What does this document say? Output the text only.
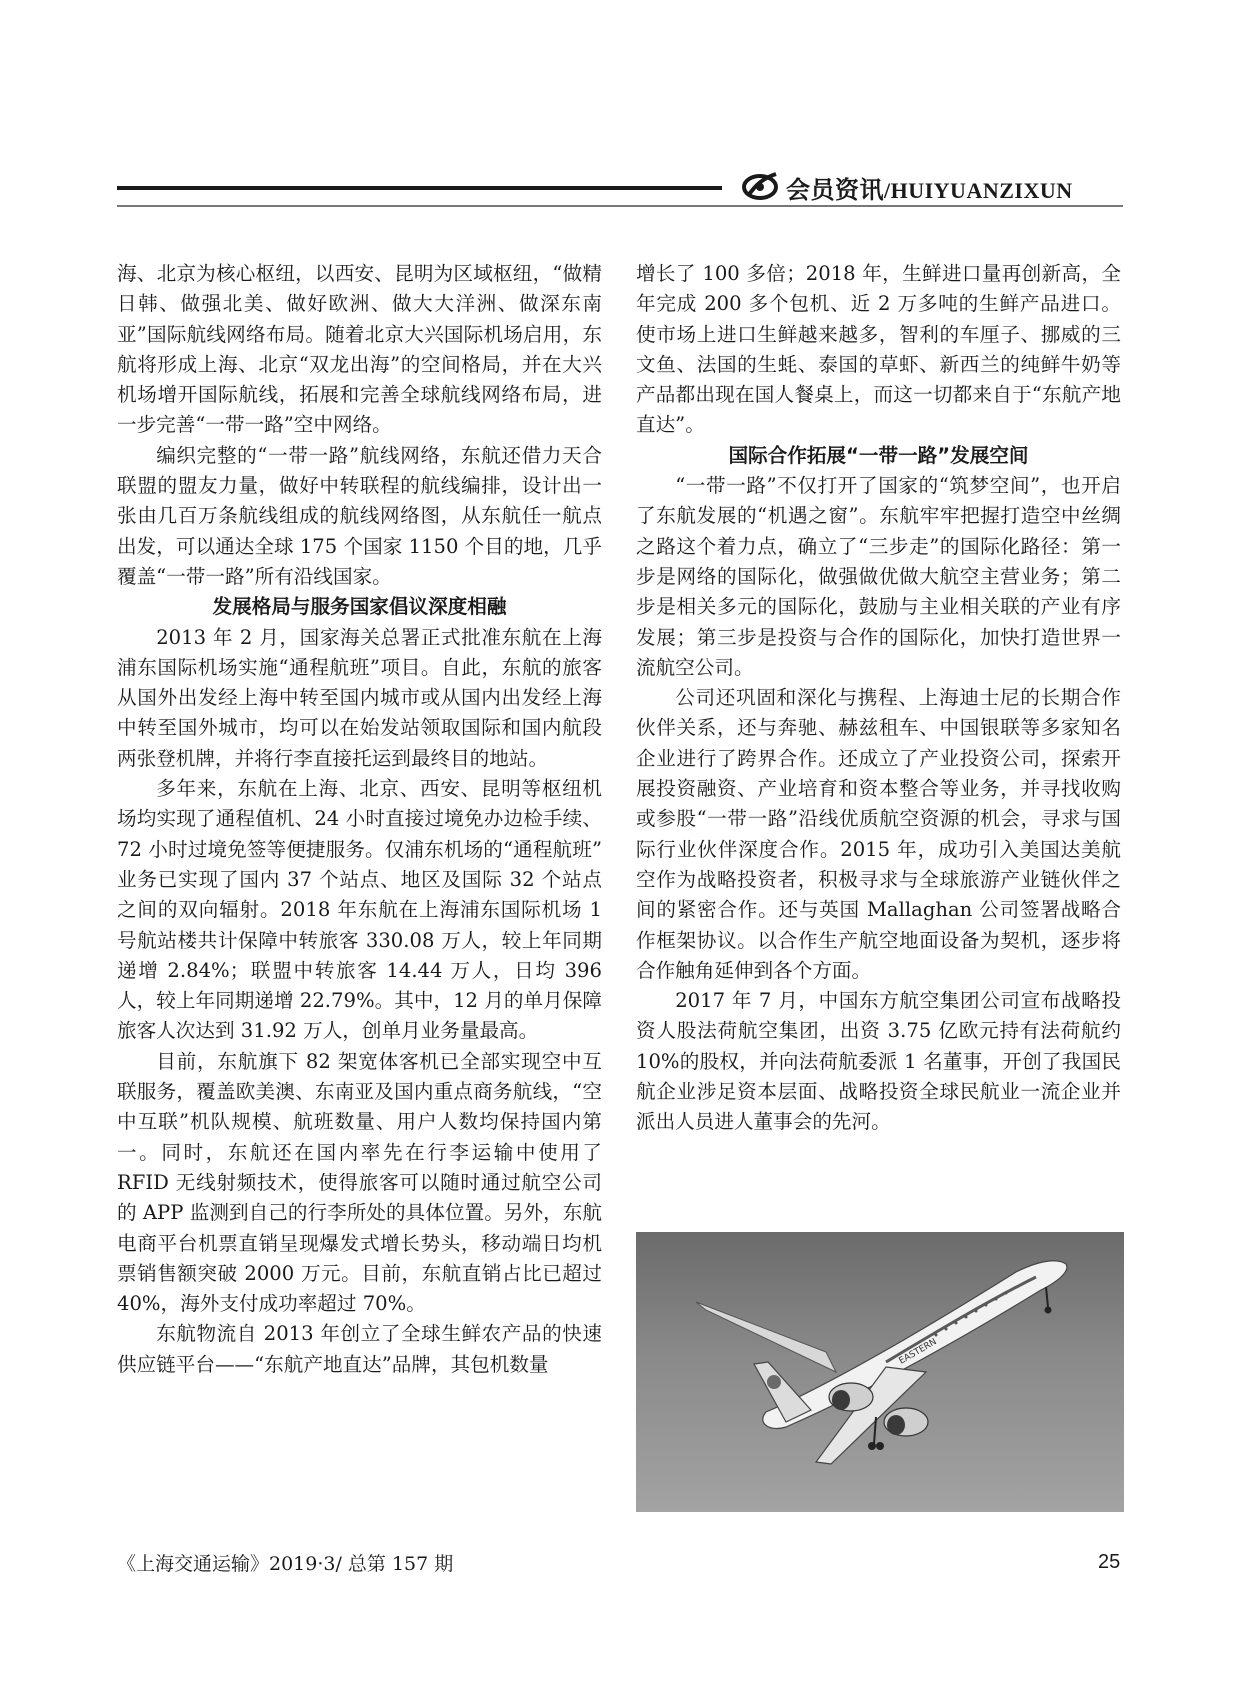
会员资讯/HUIYUANZIXUN

海、北京为核心枢纽，以西安、昆明为区域枢纽，“做精日韩、做强北美、做好欧洲、做大大洋洲、做深东南亚”国际航线网络布局。随着北京大兴国际机场启用，东航将形成上海、北京“双龙出海”的空间格局，并在大兴机场增开国际航线，拓展和完善全球航线网络布局，进一步完善“一带一路”空中网络。

编织完整的“一带一路”航线网络，东航还借力天合联盟的盟友力量，做好中转联程的航线编排，设计出一张由几百万条航线组成的航线网络图，从东航任一航点出发，可以通达全球 175 个国家 1150 个目的地，几乎覆盖“一带一路”所有沿线国家。

发展格局与服务国家倡议深度相融

2013 年 2 月，国家海关总署正式批准东航在上海浦东国际机场实施“通程航班”项目。自此，东航的旅客从国外出发经上海中转至国内城市或从国内出发经上海中转至国外城市，均可以在始发站领取国际和国内航段两张登机牌，并将行李直接托运到最终目的地站。

多年来，东航在上海、北京、西安、昆明等枢纽机场均实现了通程值机、24 小时直接过境免办边检手续、72 小时过境免签等便捷服务。仅浦东机场的“通程航班” 业务已实现了国内 37 个站点、地区及国际 32 个站点之间的双向辐射。2018 年东航在上海浦东国际机场 1 号航站楼共计保障中转旅客 330.08 万人，较上年同期递增 2.84%；联盟中转旅客 14.44 万人，日均 396 人，较上年同期递增 22.79%。其中，12 月的单月保障旅客人次达到 31.92 万人，创单月业务量最高。

目前，东航旗下 82 架宽体客机已全部实现空中互联服务，覆盖欧美澳、东南亚及国内重点商务航线，“空中互联”机队规模、航班数量、用户人数均保持国内第一。同时，东航还在国内率先在行李运输中使用了 RFID 无线射频技术，使得旅客可以随时通过航空公司的 APP 监测到自己的行李所处的具体位置。另外，东航电商平台机票直销呈现爆发式增长势头，移动端日均机票销售额突破 2000 万元。目前，东航直销占比已超过 40%，海外支付成功率超过 70%。

东航物流自 2013 年创立了全球生鲜农产品的快速供应链平台——“东航产地直达”品牌，其包机数量

增长了 100 多倍；2018 年，生鲜进口量再创新高，全年完成 200 多个包机、近 2 万多吨的生鲜产品进口。使市场上进口生鲜越来越多，智利的车厘子、挪威的三文鱼、法国的生蚝、泰国的草虾、新西兰的纯鲜牛奶等产品都出现在国人餐桌上，而这一切都来自于“东航产地直达”。

国际合作拓展“一带一路”发展空间

“一带一路”不仅打开了国家的“筑梦空间”，也开启了东航发展的“机遇之窗”。东航牢牢把握打造空中丝绸之路这个着力点，确立了“三步走”的国际化路径：第一步是网络的国际化，做强做优做大航空主营业务；第二步是相关多元的国际化，鼓励与主业相关联的产业有序发展；第三步是投资与合作的国际化，加快打造世界一流航空公司。

公司还巩固和深化与携程、上海迪士尼的长期合作伙伴关系，还与奔驰、赫兹租车、中国银联等多家知名企业进行了跨界合作。还成立了产业投资公司，探索开展投资融资、产业培育和资本整合等业务，并寻找收购或参股“一带一路”沿线优质航空资源的机会，寻求与国际行业伙伴深度合作。2015 年，成功引入美国达美航空作为战略投资者，积极寻求与全球旅游产业链伙伴之间的紧密合作。还与英国 Mallaghan 公司签署战略合作框架协议。以合作生产航空地面设备为契机，逐步将合作触角延伸到各个方面。

2017 年 7 月，中国东方航空集团公司宣布战略投资人股法荷航空集团，出资 3.75 亿欧元持有法荷航约 10%的股权，并向法荷航委派 1 名董事，开创了我国民航企业涉足资本层面、战略投资全球民航业一流企业并派出人员进人董事会的先河。

EASTERN
《上海交通运输》2019·3/ 总第 157 期	25
